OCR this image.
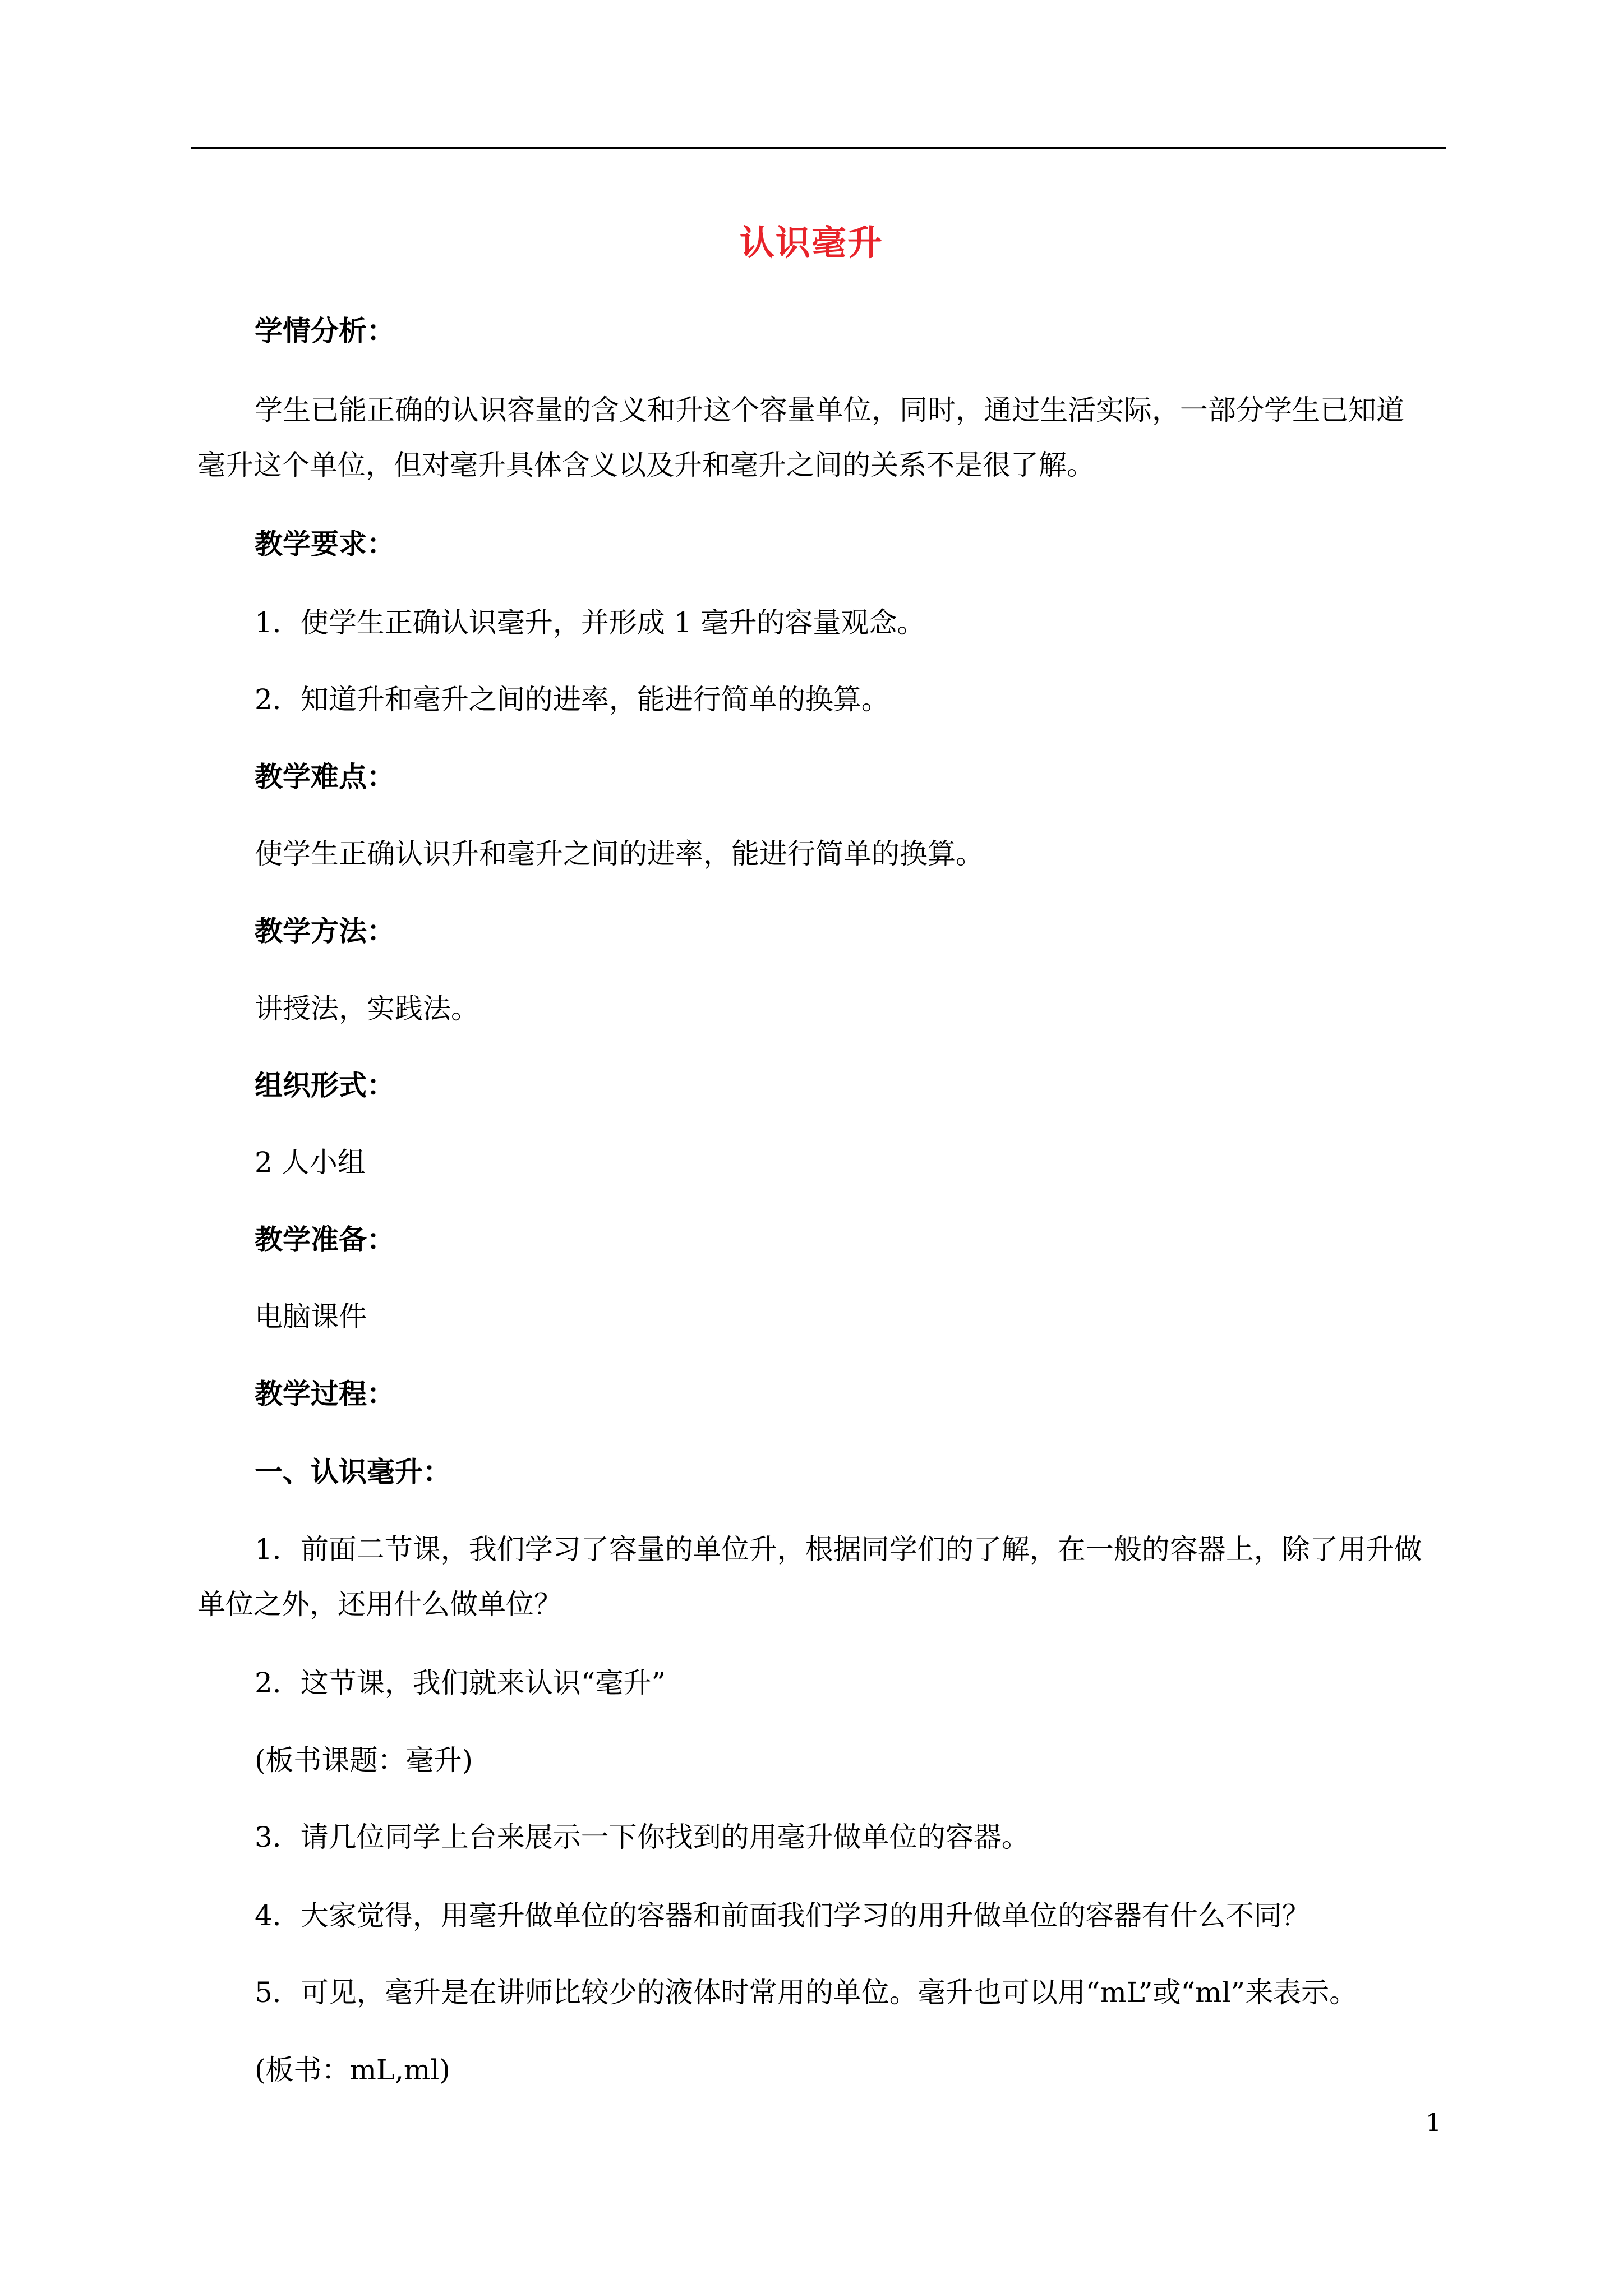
认识毫升
学情分析：
学生已能正确的认识容量的含义和升这个容量单位，同时，通过生活实际，一部分学生已知道
毫升这个单位，但对毫升具体含义以及升和毫升之间的关系不是很了解。
教学要求：
1．使学生正确认识毫升，并形成 1 毫升的容量观念。
2．知道升和毫升之间的进率，能进行简单的换算。
教学难点：
使学生正确认识升和毫升之间的进率，能进行简单的换算。
教学方法：
讲授法，实践法。
组织形式：
2 人小组
教学准备：
电脑课件
教学过程：
一、认识毫升：
1．前面二节课，我们学习了容量的单位升，根据同学们的了解，在一般的容器上，除了用升做
单位之外，还用什么做单位？
2．这节课，我们就来认识“毫升”
(板书课题：毫升)
3．请几位同学上台来展示一下你找到的用毫升做单位的容器。
4．大家觉得，用毫升做单位的容器和前面我们学习的用升做单位的容器有什么不同？
5．可见，毫升是在讲师比较少的液体时常用的单位。毫升也可以用“mL”或“ml”来表示。
(板书：mL,ml)
1
